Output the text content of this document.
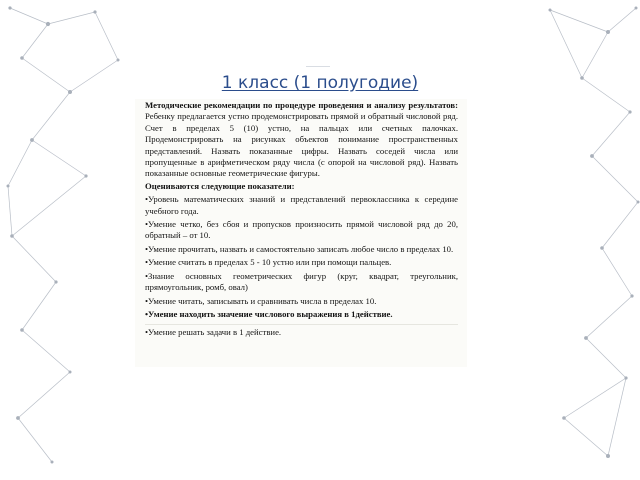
1 класс (1 полугодие)

Методические рекомендации по процедуре проведения и анализу результатов: Ребенку предлагается устно продемонстрировать прямой и обратный числовой ряд. Счет в пределах 5 (10) устно, на пальцах или счетных палочках. Продемонстрировать на рисунках объектов понимание пространственных представлений. Назвать показанные цифры. Назвать соседей числа или пропущенные в арифметическом ряду числа (с опорой на числовой ряд). Назвать показанные основные геометрические фигуры.

Оцениваются следующие показатели:

•Уровень математических знаний и представлений первоклассника к середине учебного года.

•Умение четко, без сбоя и пропусков произносить прямой числовой ряд до 20, обратный – от 10.

•Умение прочитать, назвать и самостоятельно записать любое число в пределах 10.

•Умение считать в пределах 5 - 10 устно или при помощи пальцев.

•Знание основных геометрических фигур (круг, квадрат, треугольник, прямоугольник, ромб, овал)

•Умение читать, записывать и сравнивать числа в пределах 10.

•Умение находить значение числового выражения в 1действие.

•Умение решать задачи в 1 действие.
